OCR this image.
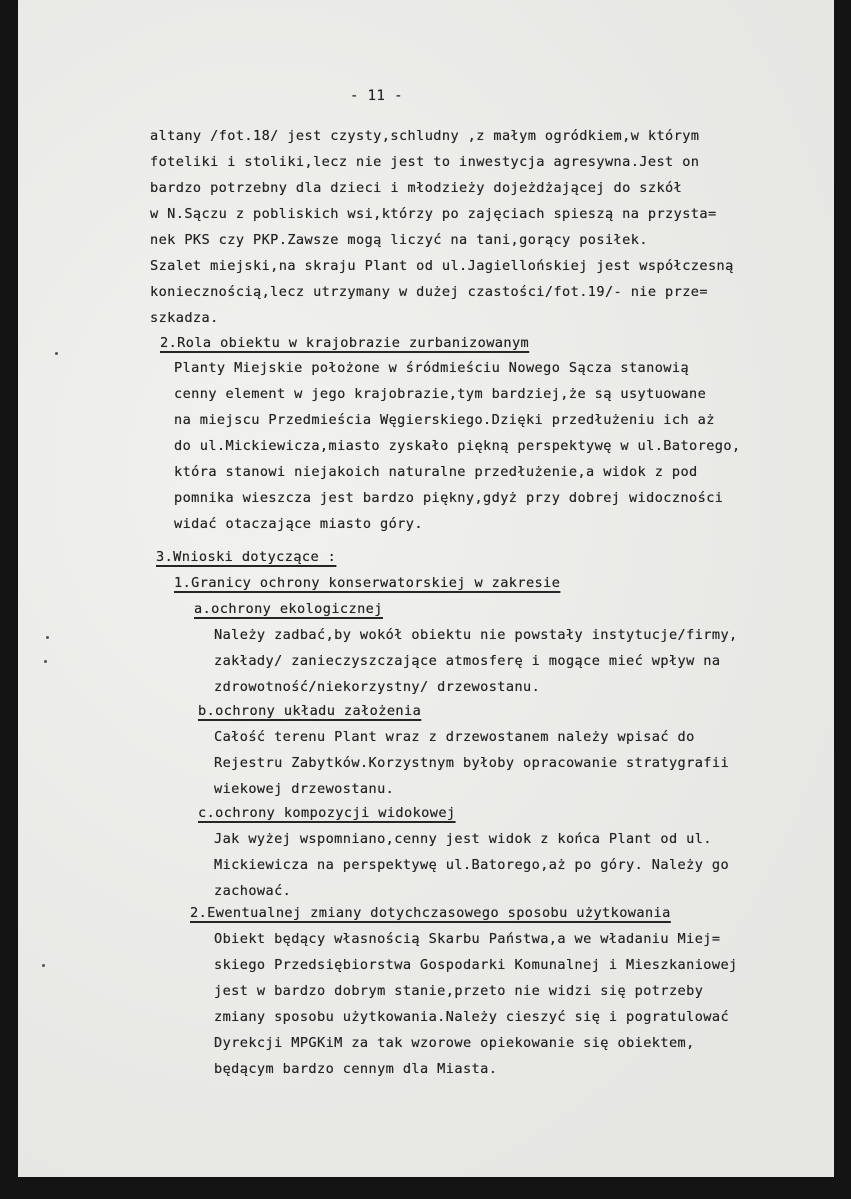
- 11 -
altany /fot.18/ jest czysty,schludny ,z małym ogródkiem,w którym
foteliki i stoliki,lecz nie jest to inwestycja agresywna.Jest on
bardzo potrzebny dla dzieci i młodzieży dojeżdżającej do szkół
w N.Sączu z pobliskich wsi,którzy po zajęciach spieszą na przysta=
nek PKS czy PKP.Zawsze mogą liczyć na tani,gorący posiłek.
Szalet miejski,na skraju Plant od ul.Jagiellońskiej jest współczesną
koniecznością,lecz utrzymany w dużej czastości/fot.19/- nie prze=
szkadza.
2.Rola obiektu w krajobrazie zurbanizowanym
Planty Miejskie położone w śródmieściu Nowego Sącza stanowią
cenny element w jego krajobrazie,tym bardziej,że są usytuowane
na miejscu Przedmieścia Węgierskiego.Dzięki przedłużeniu ich aż
do ul.Mickiewicza,miasto zyskało piękną perspektywę w ul.Batorego,
która stanowi niejakoich naturalne przedłużenie,a widok z pod
pomnika wieszcza jest bardzo piękny,gdyż przy dobrej widoczności
widać otaczające miasto góry.
3.Wnioski dotyczące :
1.Granicy ochrony konserwatorskiej w zakresie
a.ochrony ekologicznej
Należy zadbać,by wokół obiektu nie powstały instytucje/firmy,
zakłady/ zanieczyszczające atmosferę i mogące mieć wpływ na
zdrowotność/niekorzystny/ drzewostanu.
b.ochrony układu założenia
Całość terenu Plant wraz z drzewostanem należy wpisać do
Rejestru Zabytków.Korzystnym byłoby opracowanie stratygrafii
wiekowej drzewostanu.
c.ochrony kompozycji widokowej
Jak wyżej wspomniano,cenny jest widok z końca Plant od ul.
Mickiewicza na perspektywę ul.Batorego,aż po góry. Należy go
zachować.
2.Ewentualnej zmiany dotychczasowego sposobu użytkowania
Obiekt będący własnością Skarbu Państwa,a we władaniu Miej=
skiego Przedsiębiorstwa Gospodarki Komunalnej i Mieszkaniowej
jest w bardzo dobrym stanie,przeto nie widzi się potrzeby
zmiany sposobu użytkowania.Należy cieszyć się i pogratulować
Dyrekcji MPGKiM za tak wzorowe opiekowanie się obiektem,
będącym bardzo cennym dla Miasta.
